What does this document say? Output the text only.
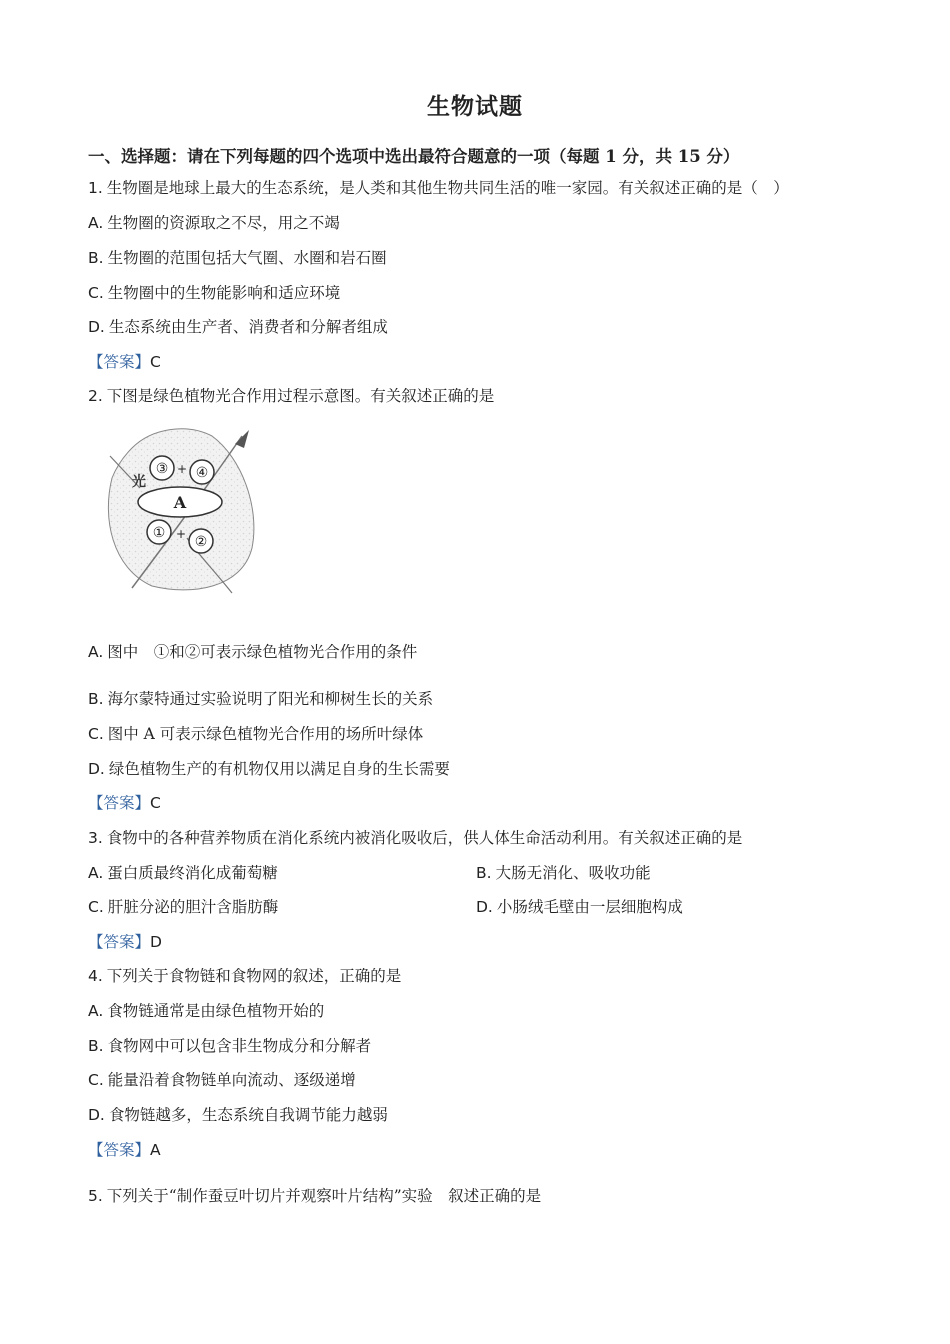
生物试题
一、选择题：请在下列每题的四个选项中选出最符合题意的一项（每题 1 分，共 15 分）
1. 生物圈是地球上最大的生态系统，是人类和其他生物共同生活的唯一家园。有关叙述正确的是（　）
A. 生物圈的资源取之不尽，用之不竭
B. 生物圈的范围包括大气圈、水圈和岩石圈
C. 生物圈中的生物能影响和适应环境
D. 生态系统由生产者、消费者和分解者组成
【答案】C
2. 下图是绿色植物光合作用过程示意图。有关叙述正确的是
光
③ + ④
A
① + ②
A. 图中　①和②可表示绿色植物光合作用的条件
B. 海尔蒙特通过实验说明了阳光和柳树生长的关系
C. 图中 A 可表示绿色植物光合作用的场所叶绿体
D. 绿色植物生产的有机物仅用以满足自身的生长需要
【答案】C
3. 食物中的各种营养物质在消化系统内被消化吸收后，供人体生命活动利用。有关叙述正确的是
A. 蛋白质最终消化成葡萄糖	B. 大肠无消化、吸收功能
C. 肝脏分泌的胆汁含脂肪酶	D. 小肠绒毛壁由一层细胞构成
【答案】D
4. 下列关于食物链和食物网的叙述，正确的是
A. 食物链通常是由绿色植物开始的
B. 食物网中可以包含非生物成分和分解者
C. 能量沿着食物链单向流动、逐级递增
D. 食物链越多，生态系统自我调节能力越弱
【答案】A
5. 下列关于“制作蚕豆叶切片并观察叶片结构”实验　叙述正确的是
